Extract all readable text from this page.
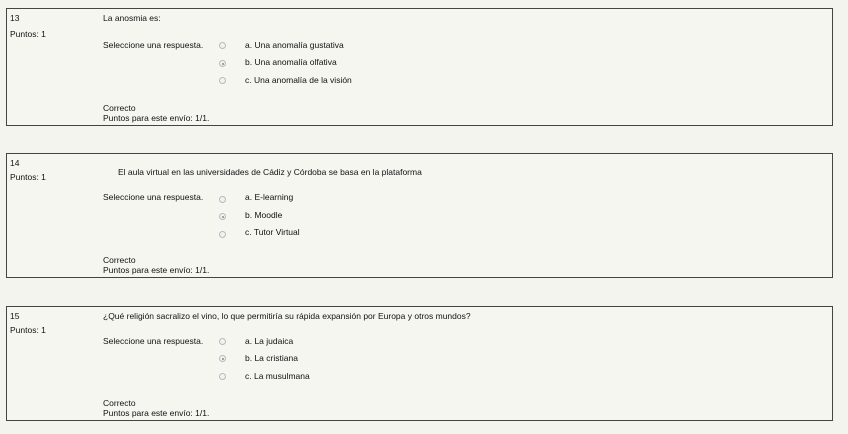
13
Puntos: 1
La anosmia es:
Seleccione una respuesta.	a. Una anomalía gustativa
b. Una anomalía olfativa
c. Una anomalía de la visión
Correcto
Puntos para este envío: 1/1.
14
Puntos: 1	El aula virtual en las universidades de Cádiz y Córdoba se basa en la plataforma
Seleccione una respuesta.	a. E-learning
b. Moodle
c. Tutor Virtual
Correcto
Puntos para este envío: 1/1.
15
Puntos: 1
¿Qué religión sacralizo el vino, lo que permitiría su rápida expansión por Europa y otros mundos?
Seleccione una respuesta.	a. La judaica
b. La cristiana
c. La musulmana
Correcto
Puntos para este envío: 1/1.
